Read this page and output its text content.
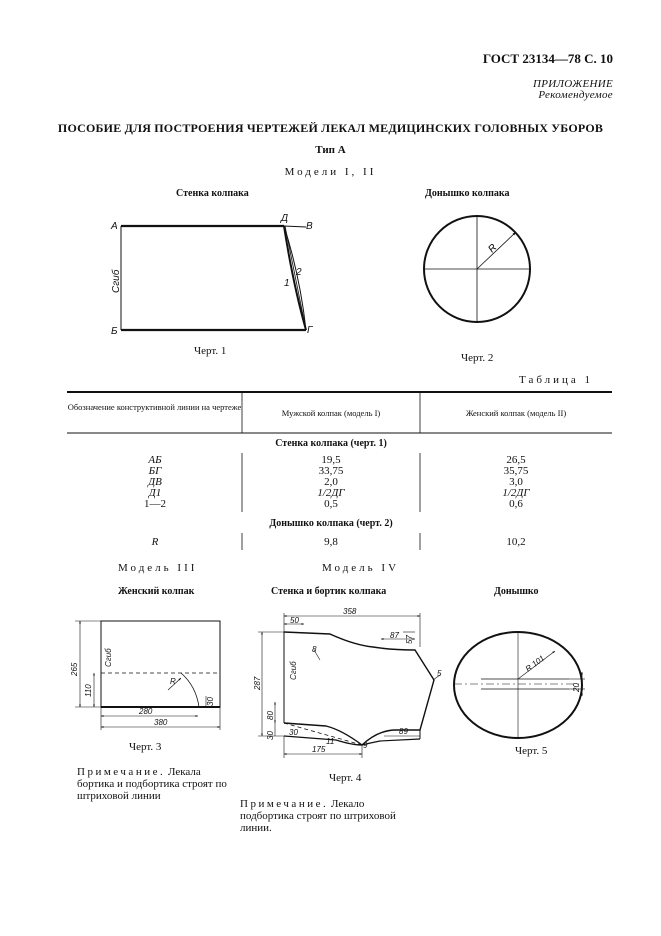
ГОСТ 23134—78 С. 10
ПРИЛОЖЕНИЕ
Рекомендуемое
ПОСОБИЕ ДЛЯ ПОСТРОЕНИЯ ЧЕРТЕЖЕЙ ЛЕКАЛ МЕДИЦИНСКИХ ГОЛОВНЫХ УБОРОВ
Тип А
Модели I, II
Стенка колпака	Донышко колпака
Черт. 1
Черт. 2
Таблица 1
А
Б
Д
В
Г
1
2
Сгиб
R
265
110
280
380
30
R
Сгиб
358
50
87 57
8
5
287
80
30 30
11	9
175
89
Сгиб	R 101
20
Обозначение конструктивной линии на чертеже
Мужской колпак (модель I)	Женский колпак (модель II)
Стенка колпака (черт. 1)
АБ	19,5	26,5
БГ	33,75	35,75
ДВ	2,0	3,0
Д1	1/2ДГ	1/2ДГ
1—2	0,5	0,6
Донышко колпака (черт. 2)
R	9,8	10,2
Модель III	Модель IV
Женский колпак	Стенка и бортик колпака	Донышко
Черт. 3
Черт. 4
Черт. 5
Примечание. Лекала бортика и подбортика строят по штриховой линии
Примечание. Лекало подбортика строят по штриховой линии.
